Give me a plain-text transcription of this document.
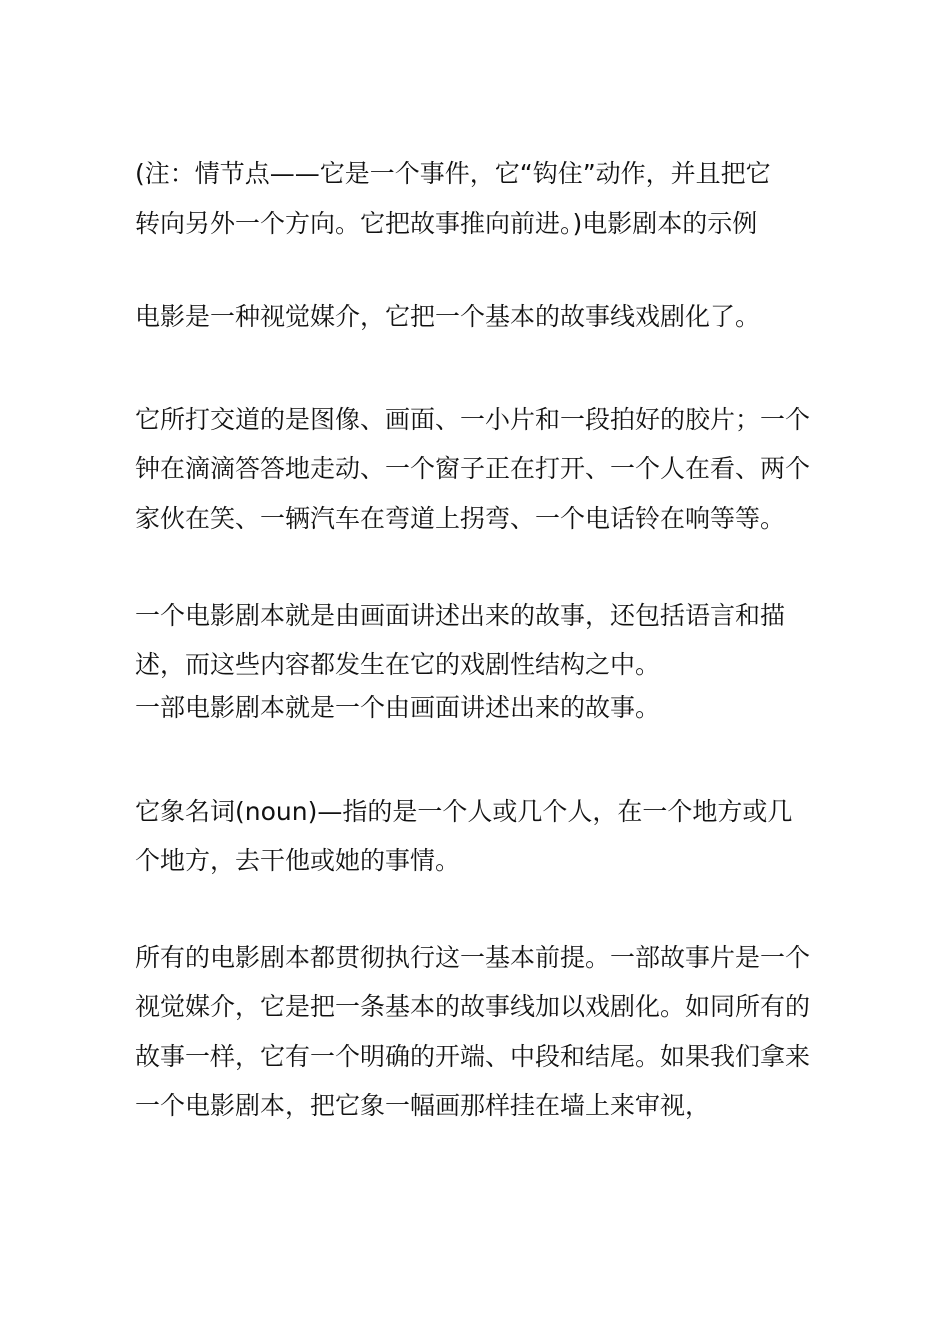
(注：情节点——它是一个事件，它“钩住”动作，并且把它
转向另外一个方向。它把故事推向前进。)电影剧本的示例
电影是一种视觉媒介，它把一个基本的故事线戏剧化了。
它所打交道的是图像、画面、一小片和一段拍好的胶片；一个
钟在滴滴答答地走动、一个窗子正在打开、一个人在看、两个
家伙在笑、一辆汽车在弯道上拐弯、一个电话铃在响等等。
一个电影剧本就是由画面讲述出来的故事，还包括语言和描
述，而这些内容都发生在它的戏剧性结构之中。
一部电影剧本就是一个由画面讲述出来的故事。
它象名词(noun)—指的是一个人或几个人，在一个地方或几
个地方，去干他或她的事情。
所有的电影剧本都贯彻执行这一基本前提。一部故事片是一个
视觉媒介，它是把一条基本的故事线加以戏剧化。如同所有的
故事一样，它有一个明确的开端、中段和结尾。如果我们拿来
一个电影剧本，把它象一幅画那样挂在墙上来审视，
